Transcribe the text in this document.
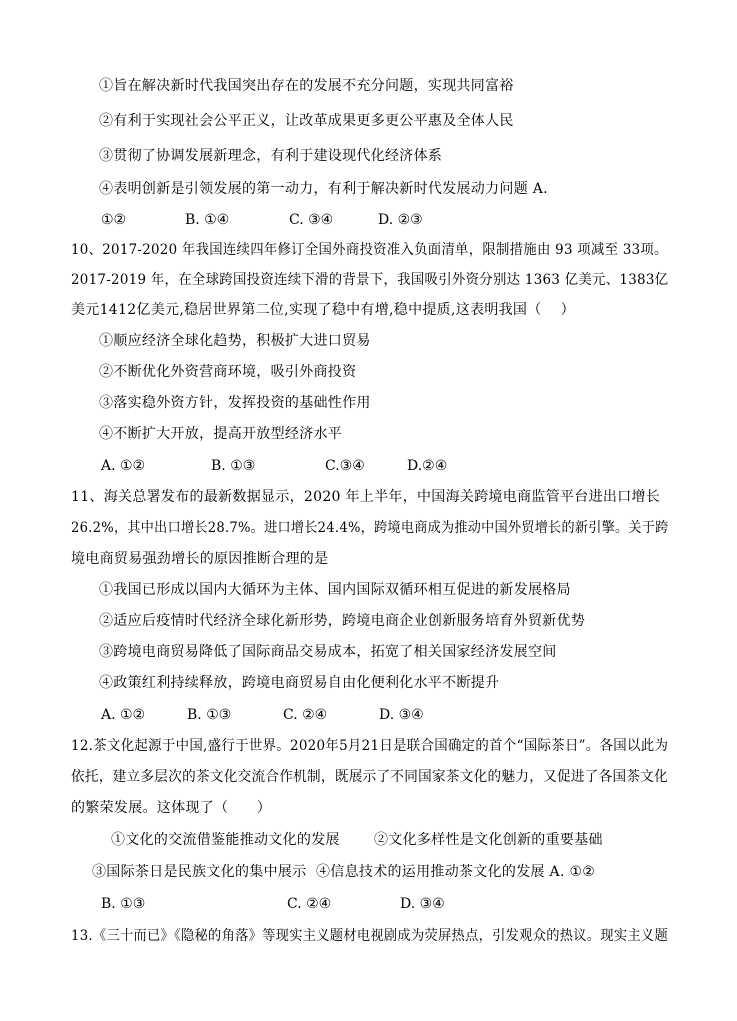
①旨在解决新时代我国突出存在的发展不充分问题，实现共同富裕
②有利于实现社会公平正义，让改革成果更多更公平惠及全体人民
③贯彻了协调发展新理念，有利于建设现代化经济体系
④表明创新是引领发展的第一动力，有利于解决新时代发展动力问题 A.
①②	B. ①④	C. ③④	D. ②③
10、2017-2020 年我国连续四年修订全国外商投资准入负面清单，限制措施由 93 项减至 33项。
2017-2019 年，在全球跨国投资连续下滑的背景下，我国吸引外资分别达 1363 亿美元、1383亿
美元1412亿美元,稳居世界第二位,实现了稳中有增,稳中提质,这表明我国（　 ）
①顺应经济全球化趋势，积极扩大进口贸易
②不断优化外资营商环境，吸引外商投资
③落实稳外资方针，发挥投资的基础性作用
④不断扩大开放，提高开放型经济水平
A. ①②	B. ①③	C.③④	D.②④
11、海关总署发布的最新数据显示，2020 年上半年，中国海关跨境电商监管平台进出口增长
26.2%，其中出口增长28.7%。进口增长24.4%，跨境电商成为推动中国外贸增长的新引擎。关于跨
境电商贸易强劲增长的原因推断合理的是
①我国已形成以国内大循环为主体、国内国际双循环相互促进的新发展格局
②适应后疫情时代经济全球化新形势，跨境电商企业创新服务培育外贸新优势
③跨境电商贸易降低了国际商品交易成本，拓宽了相关国家经济发展空间
④政策红利持续释放，跨境电商贸易自由化便利化水平不断提升
A. ①②	B. ①③	C. ②④	D. ③④
12.茶文化起源于中国,盛行于世界。2020年5月21日是联合国确定的首个“国际茶日”。各国以此为
依托，建立多层次的茶文化交流合作机制，既展示了不同国家茶文化的魅力，又促进了各国茶文化
的繁荣发展。这体现了（　　）
①文化的交流借鉴能推动文化的发展 ②文化多样性是文化创新的重要基础
③国际茶日是民族文化的集中展示 ④信息技术的运用推动茶文化的发展 A. ①②
B. ①③	C. ②④	D. ③④
13.《三十而已》《隐秘的角落》等现实主义题材电视剧成为荧屏热点，引发观众的热议。现实主义题
